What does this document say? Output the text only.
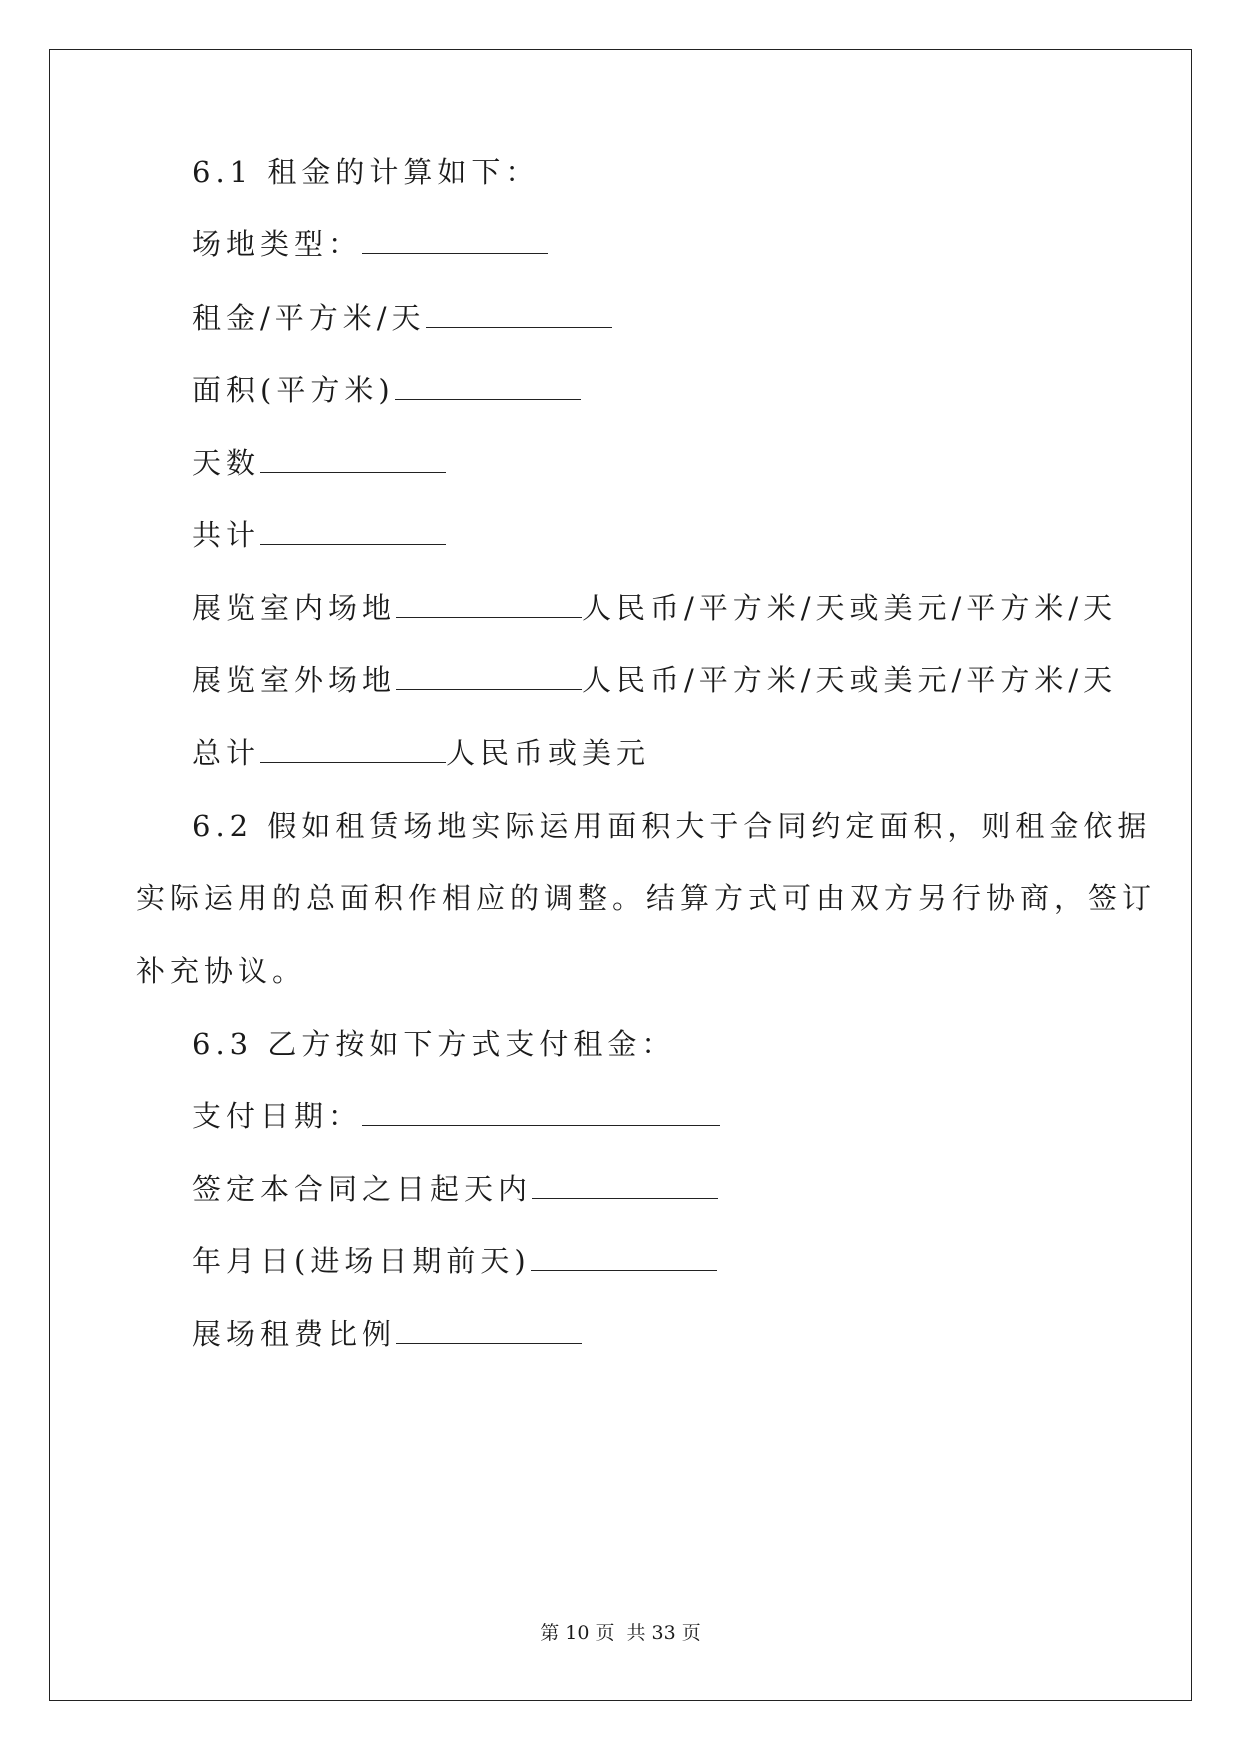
6.1 租金的计算如下：
场地类型：
租金/平方米/天
面积(平方米)
天数
共计
展览室内场地	人民币/平方米/天或美元/平方米/天
展览室外场地	人民币/平方米/天或美元/平方米/天
总计	人民币或美元
6.2 假如租赁场地实际运用面积大于合同约定面积，则租金依据
实际运用的总面积作相应的调整。结算方式可由双方另行协商，签订
补充协议。
6.3 乙方按如下方式支付租金：
支付日期：
签定本合同之日起天内
年月日(进场日期前天)
展场租费比例
第 10 页 共 33 页
